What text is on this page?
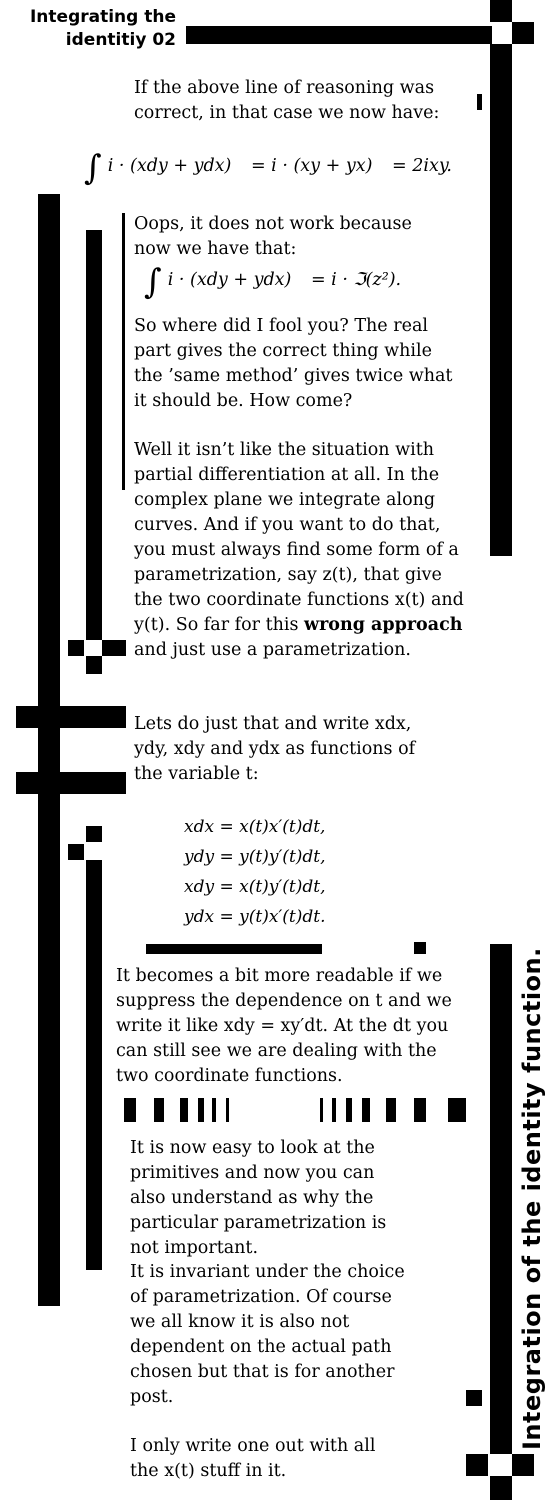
Integrating the identitiy 02
Integration of the identity function.
If the above line of reasoning was correct, in that case we now have:
∫ i · (xdy + ydx) = i · (xy + yx) = 2ixy.
Oops, it does not work because now we have that:
∫ i · (xdy + ydx) = i · ℑ(z²).
So where did I fool you? The real part gives the correct thing while the ’same method’ gives twice what it should be. How come?
Well it isn’t like the situation with partial differentiation at all. In the complex plane we integrate along curves. And if you want to do that, you must always find some form of a parametrization, say z(t), that give the two coordinate functions x(t) and y(t). So far for this wrong approach and just use a parametrization.
Lets do just that and write xdx, ydy, xdy and ydx as functions of the variable t:
xdx = x(t)x′(t)dt,
ydy = y(t)y′(t)dt,
xdy = x(t)y′(t)dt,
ydx = y(t)x′(t)dt.
It becomes a bit more readable if we suppress the dependence on t and we write it like xdy = xy′dt. At the dt you can still see we are dealing with the two coordinate functions.
It is now easy to look at the primitives and now you can also understand as why the particular parametrization is not important.
It is invariant under the choice of parametrization. Of course we all know it is also not dependent on the actual path chosen but that is for another post.
I only write one out with all the x(t) stuff in it.
